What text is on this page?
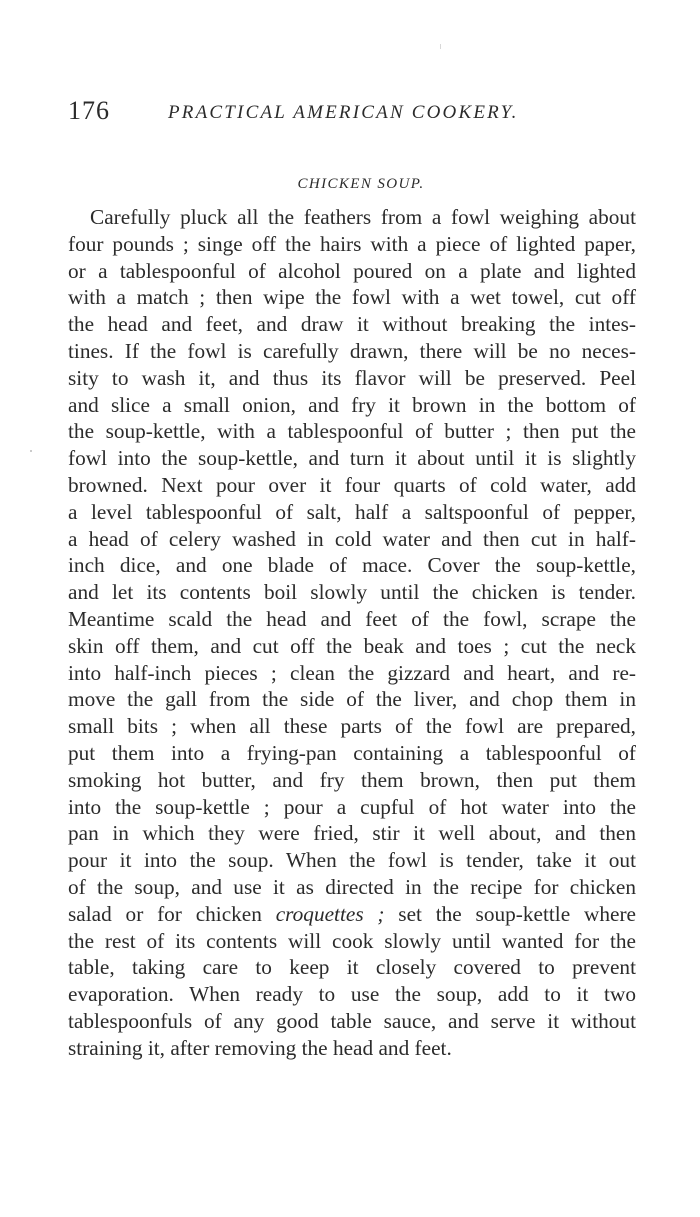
176	PRACTICAL AMERICAN COOKERY.
CHICKEN SOUP.
Carefully pluck all the feathers from a fowl weighing about
four pounds ; singe off the hairs with a piece of lighted paper,
or a tablespoonful of alcohol poured on a plate and lighted
with a match ; then wipe the fowl with a wet towel, cut off
the head and feet, and draw it without breaking the intes-
tines. If the fowl is carefully drawn, there will be no neces-
sity to wash it, and thus its flavor will be preserved. Peel
and slice a small onion, and fry it brown in the bottom of
the soup-kettle, with a tablespoonful of butter ; then put the
fowl into the soup-kettle, and turn it about until it is slightly
browned. Next pour over it four quarts of cold water, add
a level tablespoonful of salt, half a saltspoonful of pepper,
a head of celery washed in cold water and then cut in half-
inch dice, and one blade of mace. Cover the soup-kettle,
and let its contents boil slowly until the chicken is tender.
Meantime scald the head and feet of the fowl, scrape the
skin off them, and cut off the beak and toes ; cut the neck
into half-inch pieces ; clean the gizzard and heart, and re-
move the gall from the side of the liver, and chop them in
small bits ; when all these parts of the fowl are prepared,
put them into a frying-pan containing a tablespoonful of
smoking hot butter, and fry them brown, then put them
into the soup-kettle ; pour a cupful of hot water into the
pan in which they were fried, stir it well about, and then
pour it into the soup. When the fowl is tender, take it out
of the soup, and use it as directed in the recipe for chicken
salad or for chicken croquettes ; set the soup-kettle where
the rest of its contents will cook slowly until wanted for the
table, taking care to keep it closely covered to prevent
evaporation. When ready to use the soup, add to it two
tablespoonfuls of any good table sauce, and serve it without
straining it, after removing the head and feet.
